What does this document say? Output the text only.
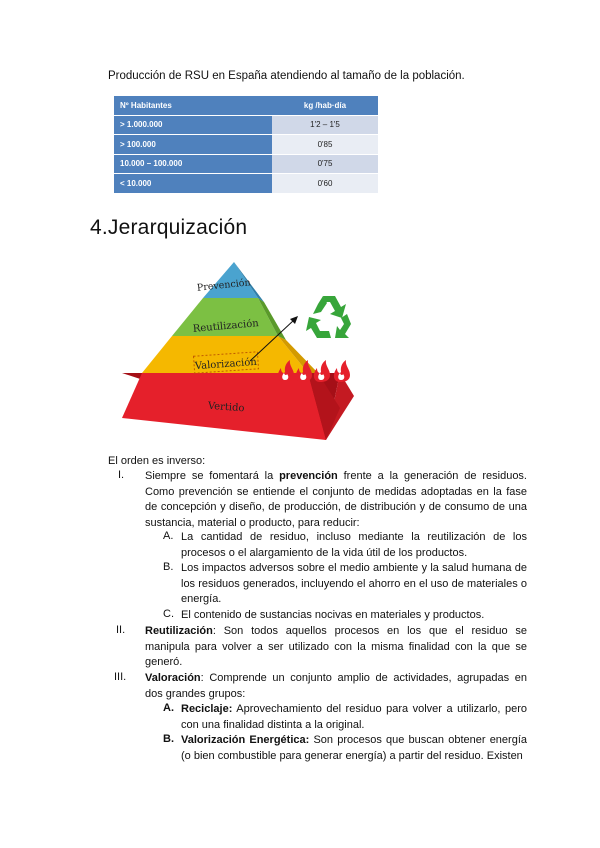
Producción de RSU en España atendiendo al tamaño de la población.
Nº Habitantes	kg /hab·día
> 1.000.000	1'2 – 1'5
> 100.000	0'85
10.000 – 100.000	0'75
< 10.000	0'60
4.Jerarquización
Prevención
Reutilización
Valorización
Vertido
El orden es inverso:
I. Siempre se fomentará la prevención frente a la generación de residuos. Como prevención se entiende el conjunto de medidas adoptadas en la fase de concepción y diseño, de producción, de distribución y de consumo de una sustancia, material o producto, para reducir:
A. La cantidad de residuo, incluso mediante la reutilización de los procesos o el alargamiento de la vida útil de los productos.
B. Los impactos adversos sobre el medio ambiente y la salud humana de los residuos generados, incluyendo el ahorro en el uso de materiales o energía.
C. El contenido de sustancias nocivas en materiales y productos.
II. Reutilización: Son todos aquellos procesos en los que el residuo se manipula para volver a ser utilizado con la misma finalidad con la que se generó.
III. Valoración: Comprende un conjunto amplio de actividades, agrupadas en dos grandes grupos:
A. Reciclaje: Aprovechamiento del residuo para volver a utilizarlo, pero con una finalidad distinta a la original.
B. Valorización Energética: Son procesos que buscan obtener energía (o bien combustible para generar energía) a partir del residuo. Existen
